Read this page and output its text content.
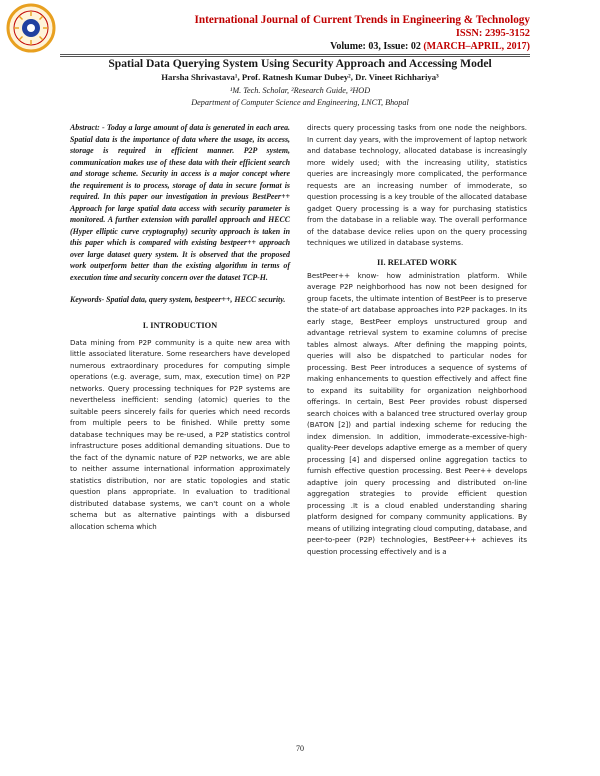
International Journal of Current Trends in Engineering & Technology
ISSN: 2395-3152
Volume: 03, Issue: 02 (MARCH–APRIL, 2017)
Spatial Data Querying System Using Security Approach and Accessing Model
Harsha Shrivastava¹, Prof. Ratnesh Kumar Dubey², Dr. Vineet Richhariya³
¹M. Tech. Scholar, ²Research Guide, ³HOD
Department of Computer Science and Engineering, LNCT, Bhopal

Abstract: - Today a large amount of data is generated in each area. Spatial data is the importance of data where the usage, its access, storage is required in efficient manner. P2P system, communication makes use of these data with their efficient search and storage scheme. Security in access is a major concept where the requirement is to process, storage of data in secure format is required. In this paper our investigation in previous BestPeer++ Approach for large spatial data access with security parameter is monitored. A further extension with parallel approach and HECC (Hyper elliptic curve cryptography) security approach is taken in this paper which is compared with existing bestpeer++ approach over large dataset query system. It is observed that the proposed work outperform better than the existing algorithm in terms of execution time and security concern over the dataset TCP-H.

Keywords- Spatial data, query system, bestpeer++, HECC security.

I. INTRODUCTION

Data mining from P2P community is a quite new area with little associated literature. Some researchers have developed numerous extraordinary procedures for computing simple operations (e.g. average, sum, max, execution time) on P2P networks. Query processing techniques for P2P systems are nevertheless inefficient: sending (atomic) queries to the suitable peers sincerely fails for queries which need records from multiple peers to be finished. While pretty some database techniques may be re-used, a P2P statistics control infrastructure poses additional demanding situations. Due to the fact of the dynamic nature of P2P networks, we are able to neither assume international information approximately statistics distribution, nor are static topologies and static question plans appropriate. In evaluation to traditional distributed database systems, we can't count on a whole schema but as alternative paintings with a disbursed allocation schema which

directs query processing tasks from one node the neighbors. In current day years, with the improvement of laptop network and database technology, allocated database is increasingly more widely used; with the increasing utility, statistics queries are increasingly more complicated, the performance requests are an increasing number of immoderate, so question processing is a key trouble of the allocated database gadget Query processing is a way for purchasing statistics from the database in a reliable way. The overall performance of the database device relies upon on the query processing techniques we utilized in database systems.

II. RELATED WORK

BestPeer++ know- how administration platform. While average P2P neighborhood has now not been designed for group facets, the ultimate intention of BestPeer is to preserve the state-of art database approaches into P2P packages. In its early stage, BestPeer employs unstructured group and advantage retrieval system to examine columns of precise tables almost always. After defining the mapping points, queries will also be dispatched to particular nodes for processing. Best Peer introduces a sequence of systems of making enhancements to question effectively and affect fine to expand its suitability for organization neighborhood offerings. In certain, Best Peer provides robust dispersed search choices with a balanced tree structured overlay group (BATON [2]) and partial indexing scheme for reducing the index dimension. In addition, immoderate-excessive-high-quality-Peer develops adaptive emerge as a member of query processing [4] and dispersed online aggregation tactics to furnish effective question processing. Best Peer++ develops adaptive join query processing and distributed on-line aggregation strategies to provide efficient question processing .It is a cloud enabled understanding sharing platform designed for company community applications. By means of utilizing integrating cloud computing, database, and peer-to-peer (P2P) technologies, BestPeer++ achieves its question processing effectively and is a

70
